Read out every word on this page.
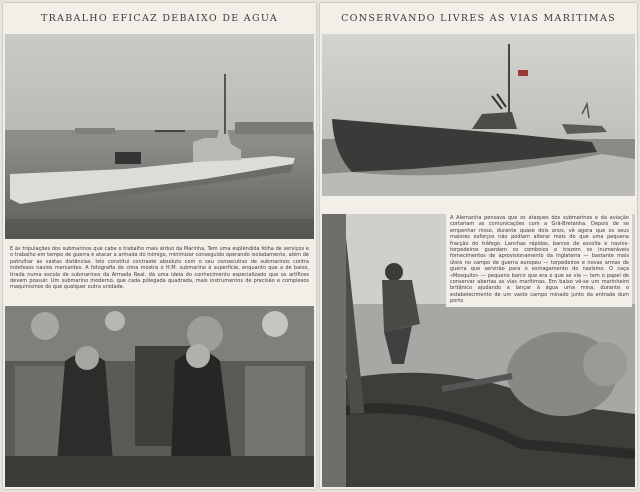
TRABALHO EFICAZ DEBAIXO DE AGUA
É às tripulações dos submarinos que cabe o trabalho mais árduo da Marinha. Tem uma esplêndida folha de serviços e o trabalho em tempo de guerra é atacar a armada do inimigo, minimizar conseguido operando isoladamente, além de patrulhar as vastas distâncias. Isto constitui contraste absoluto com o seu consecutivo de submarinos contra indefesos navios mercantes. A fotografia de cima mostra o H.M. submarino à superfície, enquanto que a de baixo, tirada numa escola de submarinos da Armada Real, dá uma ideia do conhecimento especializado que os artífices devem possuir. Um submarino moderno, que cada pólegada quadrada, mais instrumentos de precisão e complexos maquinismos do que qualquer outra unidade.
CONSERVANDO LIVRES AS VIAS MARITIMAS
A Alemanha pensava que os ataques dos submarinos e da aviação cortariam as comunicações com a Grã-Bretanha. Depois de se empenhar nisso, durante quase dois anos, vê agora que os seus maiores esforços não podiam alterar mais do que uma pequena fracção do tráfego. Lanchas rápidas, barcos de escolta e navios-torpedeiros guardam os comboios e trazem os inumeráveis fornecimentos de aprovisionamento da Inglaterra — bastante mais úteis no campo de guerra europeu — torpedeiros e novas armas de guerra que servirão para o esmagamento do nazismo. O caça «Mosquito» — pequeno barco que era o que se via — tem o papel de conservar abertas as vias marítimas. Em baixo vê-se um marinheiro britânico ajudando a lançar à água uma mina, durante o estabelecimento de um vasto campo minado junto da entrada dum porto.
